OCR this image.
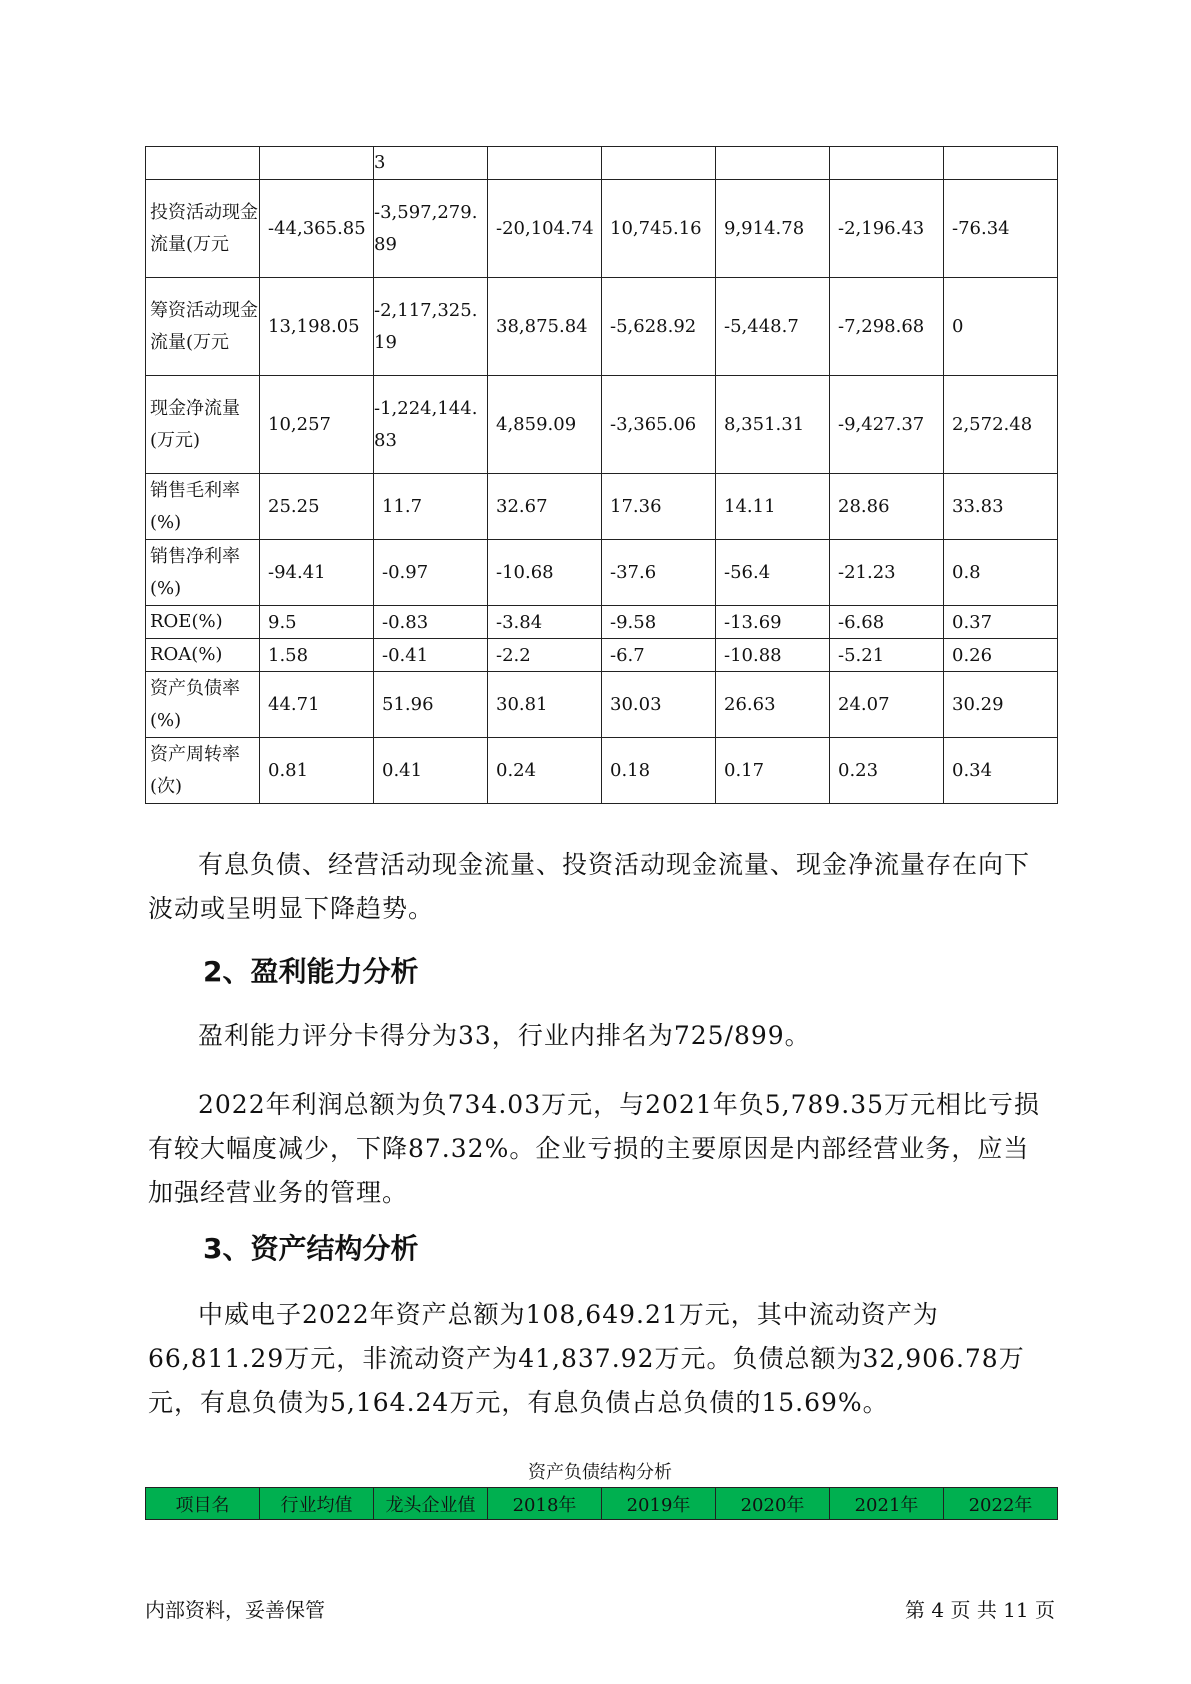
		3					
投资活动现金流量(万元	-44,365.85	-3,597,279.89	-20,104.74	10,745.16	9,914.78	-2,196.43	-76.34
筹资活动现金流量(万元	13,198.05	-2,117,325.19	38,875.84	-5,628.92	-5,448.7	-7,298.68	0
现金净流量(万元)	10,257	-1,224,144.83	4,859.09	-3,365.06	8,351.31	-9,427.37	2,572.48
销售毛利率(%)	25.25	11.7	32.67	17.36	14.11	28.86	33.83
销售净利率(%)	-94.41	-0.97	-10.68	-37.6	-56.4	-21.23	0.8
ROE(%)	9.5	-0.83	-3.84	-9.58	-13.69	-6.68	0.37
ROA(%)	1.58	-0.41	-2.2	-6.7	-10.88	-5.21	0.26
资产负债率(%)	44.71	51.96	30.81	30.03	26.63	24.07	30.29
资产周转率(次)	0.81	0.41	0.24	0.18	0.17	0.23	0.34

有息负债、经营活动现金流量、投资活动现金流量、现金净流量存在向下波动或呈明显下降趋势。

2、盈利能力分析

盈利能力评分卡得分为33，行业内排名为725/899。

2022年利润总额为负734.03万元，与2021年负5,789.35万元相比亏损有较大幅度减少，下降87.32%。企业亏损的主要原因是内部经营业务，应当加强经营业务的管理。

3、资产结构分析

中威电子2022年资产总额为108,649.21万元，其中流动资产为66,811.29万元，非流动资产为41,837.92万元。负债总额为32,906.78万元，有息负债为5,164.24万元，有息负债占总负债的15.69%。

资产负债结构分析
项目名	行业均值	龙头企业值	2018年	2019年	2020年	2021年	2022年
内部资料，妥善保管	第 4 页 共 11 页
